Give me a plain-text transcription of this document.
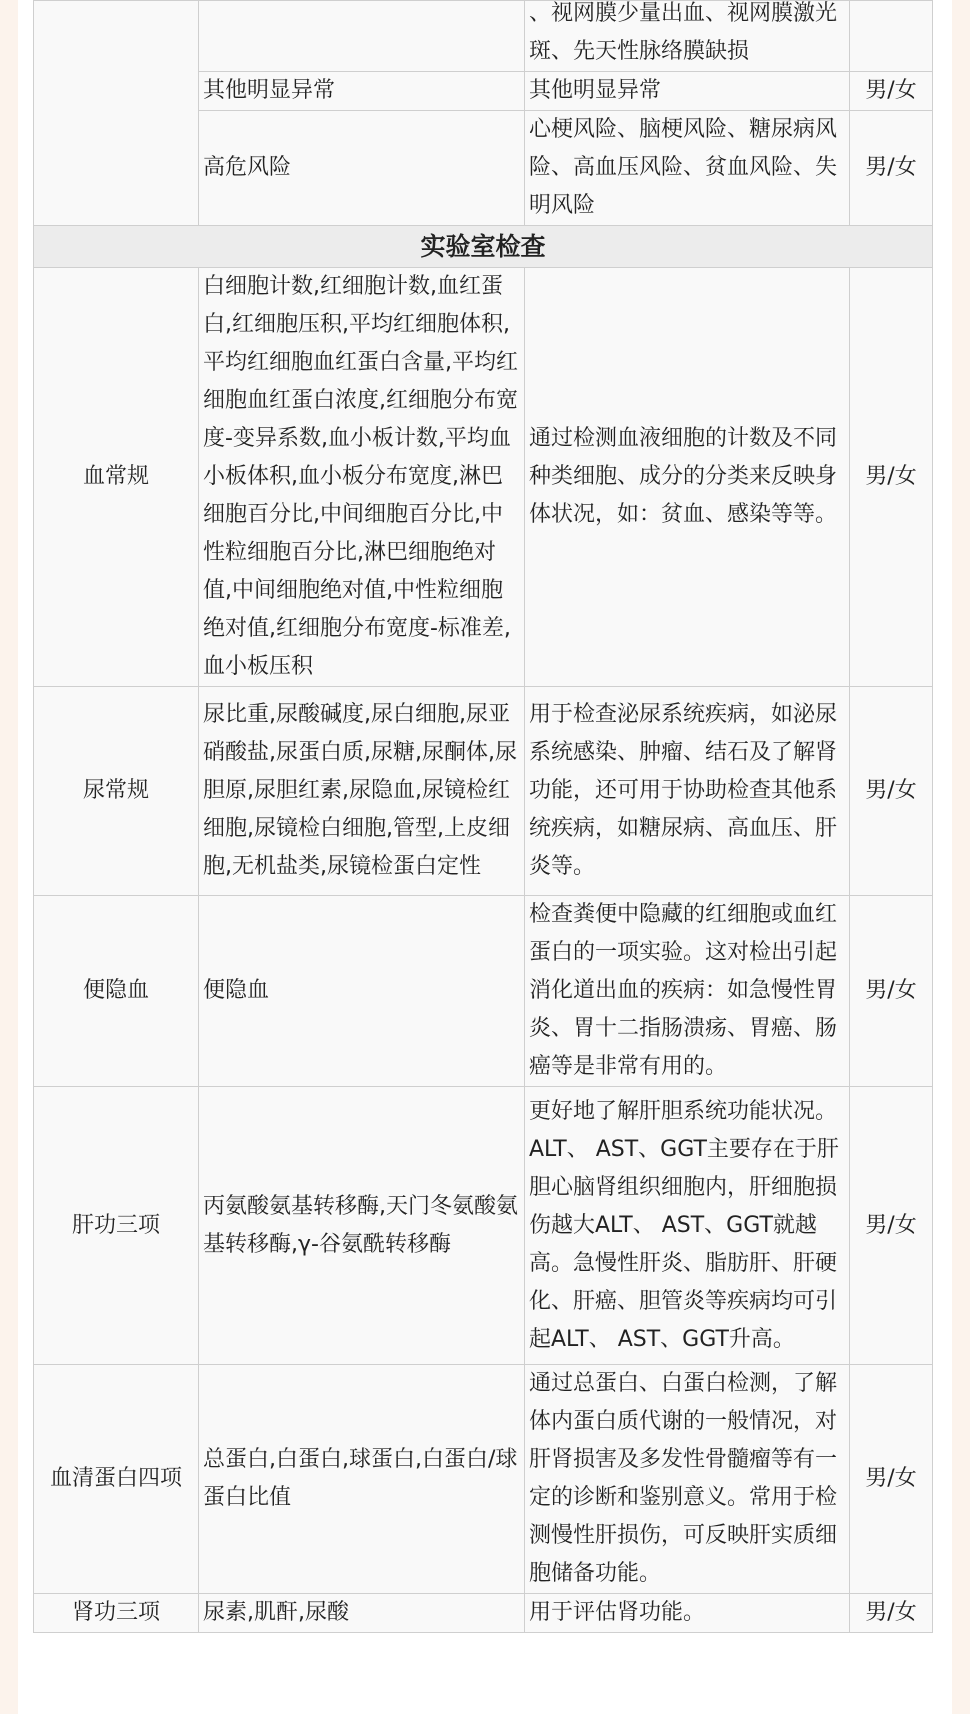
		、视网膜少量出血、视网膜激光斑、先天性脉络膜缺损	

	其他明显异常	其他明显异常	男/女
	高危风险	心梗风险、脑梗风险、糖尿病风险、高血压风险、贫血风险、失明风险	男/女
实验室检查			
血常规	白细胞计数,红细胞计数,血红蛋白,红细胞压积,平均红细胞体积,平均红细胞血红蛋白含量,平均红细胞血红蛋白浓度,红细胞分布宽度-变异系数,血小板计数,平均血小板体积,血小板分布宽度,淋巴细胞百分比,中间细胞百分比,中性粒细胞百分比,淋巴细胞绝对值,中间细胞绝对值,中性粒细胞绝对值,红细胞分布宽度-标准差,血小板压积	通过检测血液细胞的计数及不同种类细胞、成分的分类来反映身体状况，如：贫血、感染等等。	男/女
尿常规	尿比重,尿酸碱度,尿白细胞,尿亚硝酸盐,尿蛋白质,尿糖,尿酮体,尿胆原,尿胆红素,尿隐血,尿镜检红细胞,尿镜检白细胞,管型,上皮细胞,无机盐类,尿镜检蛋白定性	用于检查泌尿系统疾病，如泌尿系统感染、肿瘤、结石及了解肾功能，还可用于协助检查其他系统疾病，如糖尿病、高血压、肝炎等。	男/女
便隐血	便隐血	检查粪便中隐藏的红细胞或血红蛋白的一项实验。这对检出引起消化道出血的疾病：如急慢性胃炎、胃十二指肠溃疡、胃癌、肠癌等是非常有用的。	男/女
肝功三项	丙氨酸氨基转移酶,天门冬氨酸氨基转移酶,γ-谷氨酰转移酶	更好地了解肝胆系统功能状况。ALT、 AST、GGT主要存在于肝胆心脑肾组织细胞内，肝细胞损伤越大ALT、 AST、GGT就越高。急慢性肝炎、脂肪肝、肝硬化、肝癌、胆管炎等疾病均可引起ALT、 AST、GGT升高。	男/女
血清蛋白四项	总蛋白,白蛋白,球蛋白,白蛋白/球蛋白比值	通过总蛋白、白蛋白检测，了解体内蛋白质代谢的一般情况，对肝肾损害及多发性骨髓瘤等有一定的诊断和鉴别意义。常用于检测慢性肝损伤，可反映肝实质细胞储备功能。	男/女
肾功三项	尿素,肌酐,尿酸	用于评估肾功能。	男/女
